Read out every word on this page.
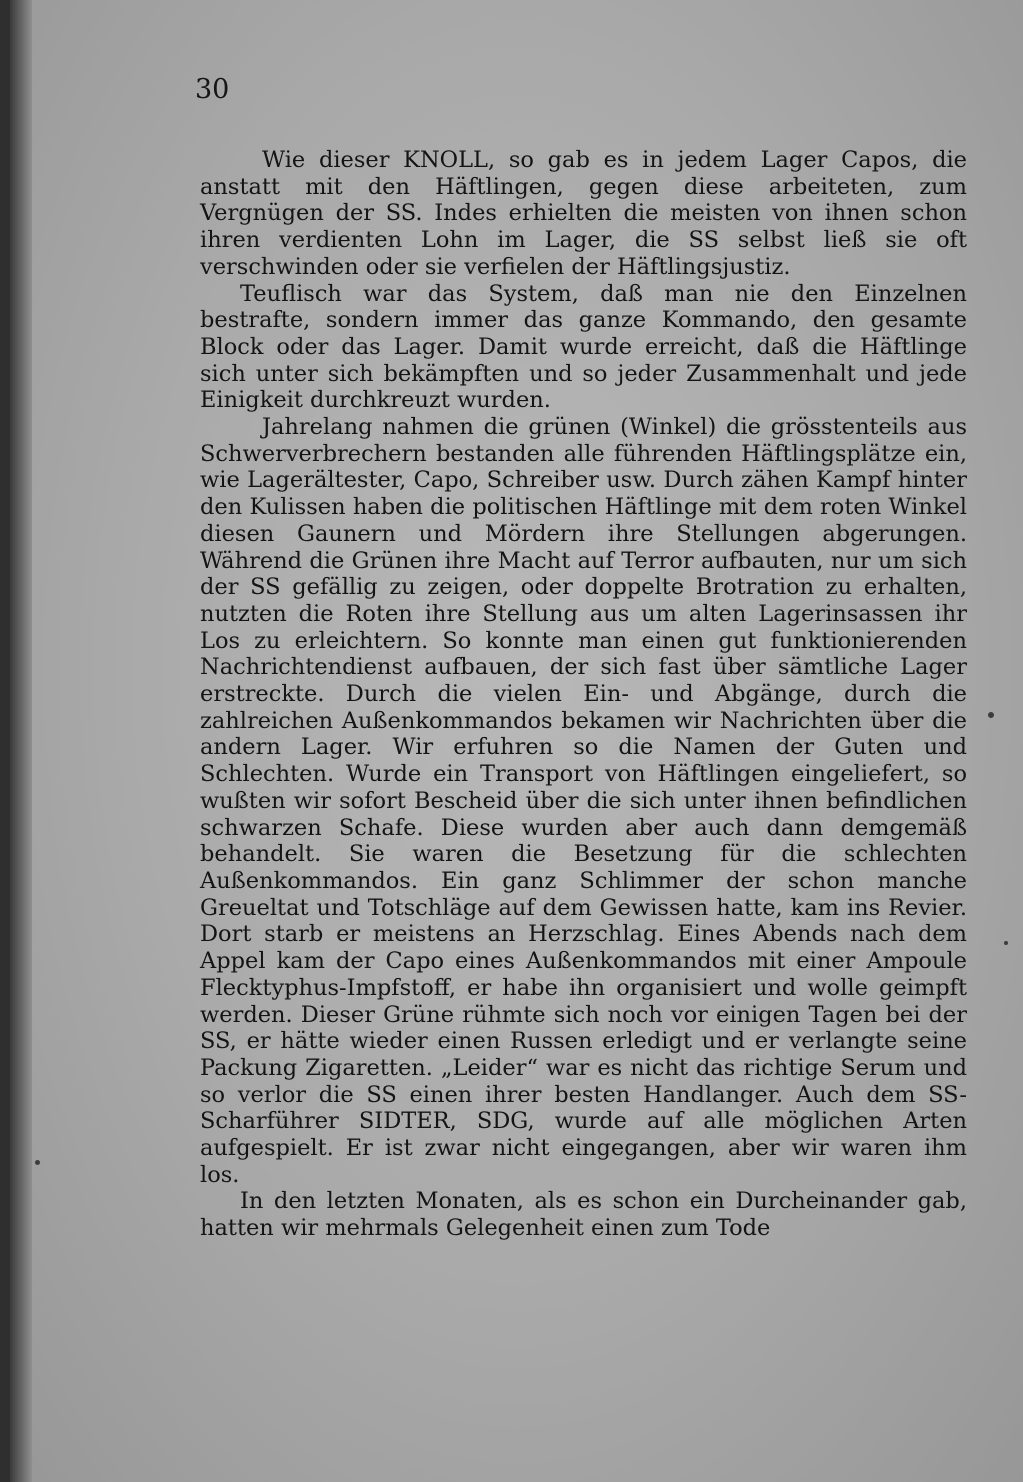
30

Wie dieser KNOLL, so gab es in jedem Lager Capos, die anstatt mit den Häftlingen, gegen diese arbeiteten, zum Vergnügen der SS. Indes erhielten die meisten von ihnen schon ihren verdienten Lohn im Lager, die SS selbst ließ sie oft verschwinden oder sie verfielen der Häftlingsjustiz.

Teuflisch war das System, daß man nie den Einzelnen bestrafte, sondern immer das ganze Kommando, den gesamte Block oder das Lager. Damit wurde erreicht, daß die Häftlinge sich unter sich bekämpften und so jeder Zusammenhalt und jede Einigkeit durchkreuzt wurden.

Jahrelang nahmen die grünen (Winkel) die grösstenteils aus Schwerverbrechern bestanden alle führenden Häftlingsplätze ein, wie Lagerältester, Capo, Schreiber usw. Durch zähen Kampf hinter den Kulissen haben die politischen Häftlinge mit dem roten Winkel diesen Gaunern und Mördern ihre Stellungen abgerungen. Während die Grünen ihre Macht auf Terror aufbauten, nur um sich der SS gefällig zu zeigen, oder doppelte Brotration zu erhalten, nutzten die Roten ihre Stellung aus um alten Lagerinsassen ihr Los zu erleichtern. So konnte man einen gut funktionierenden Nachrichtendienst aufbauen, der sich fast über sämtliche Lager erstreckte. Durch die vielen Ein- und Abgänge, durch die zahlreichen Außenkommandos bekamen wir Nachrichten über die andern Lager. Wir erfuhren so die Namen der Guten und Schlechten. Wurde ein Transport von Häftlingen eingeliefert, so wußten wir sofort Bescheid über die sich unter ihnen befindlichen schwarzen Schafe. Diese wurden aber auch dann demgemäß behandelt. Sie waren die Besetzung für die schlechten Außenkommandos. Ein ganz Schlimmer der schon manche Greueltat und Totschläge auf dem Gewissen hatte, kam ins Revier. Dort starb er meistens an Herzschlag. Eines Abends nach dem Appel kam der Capo eines Außenkommandos mit einer Ampoule Flecktyphus-Impfstoff, er habe ihn organisiert und wolle geimpft werden. Dieser Grüne rühmte sich noch vor einigen Tagen bei der SS, er hätte wieder einen Russen erledigt und er verlangte seine Packung Zigaretten. „Leider“ war es nicht das richtige Serum und so verlor die SS einen ihrer besten Handlanger. Auch dem SS-Scharführer SIDTER, SDG, wurde auf alle möglichen Arten aufgespielt. Er ist zwar nicht eingegangen, aber wir waren ihm los.

In den letzten Monaten, als es schon ein Durcheinander gab, hatten wir mehrmals Gelegenheit einen zum Tode
